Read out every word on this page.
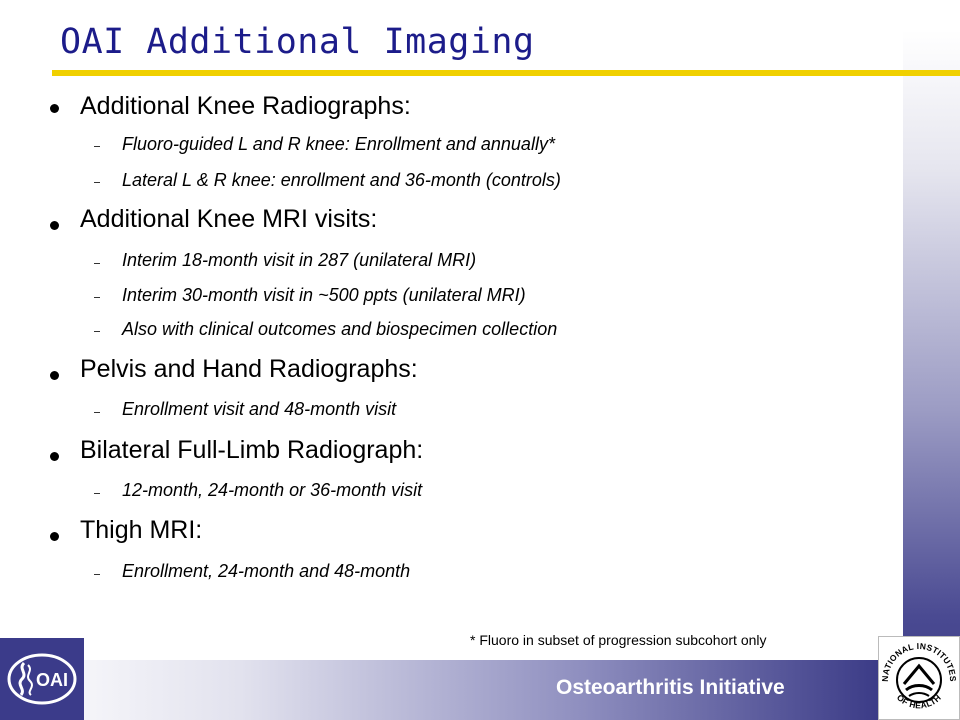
OAI Additional Imaging
Additional Knee Radiographs:
Fluoro-guided L and R knee: Enrollment and annually*
Lateral L & R knee: enrollment and 36-month (controls)
Additional Knee MRI visits:
Interim 18-month visit in 287 (unilateral MRI)
Interim 30-month visit in ~500 ppts (unilateral MRI)
Also with clinical outcomes and biospecimen collection
Pelvis and Hand Radiographs:
Enrollment visit and 48-month visit
Bilateral Full-Limb Radiograph:
12-month, 24-month or 36-month visit
Thigh MRI:
Enrollment, 24-month and 48-month
* Fluoro in subset of progression subcohort only
Osteoarthritis Initiative
OAI	NATIONAL INSTITUTES
OF HEALTH
